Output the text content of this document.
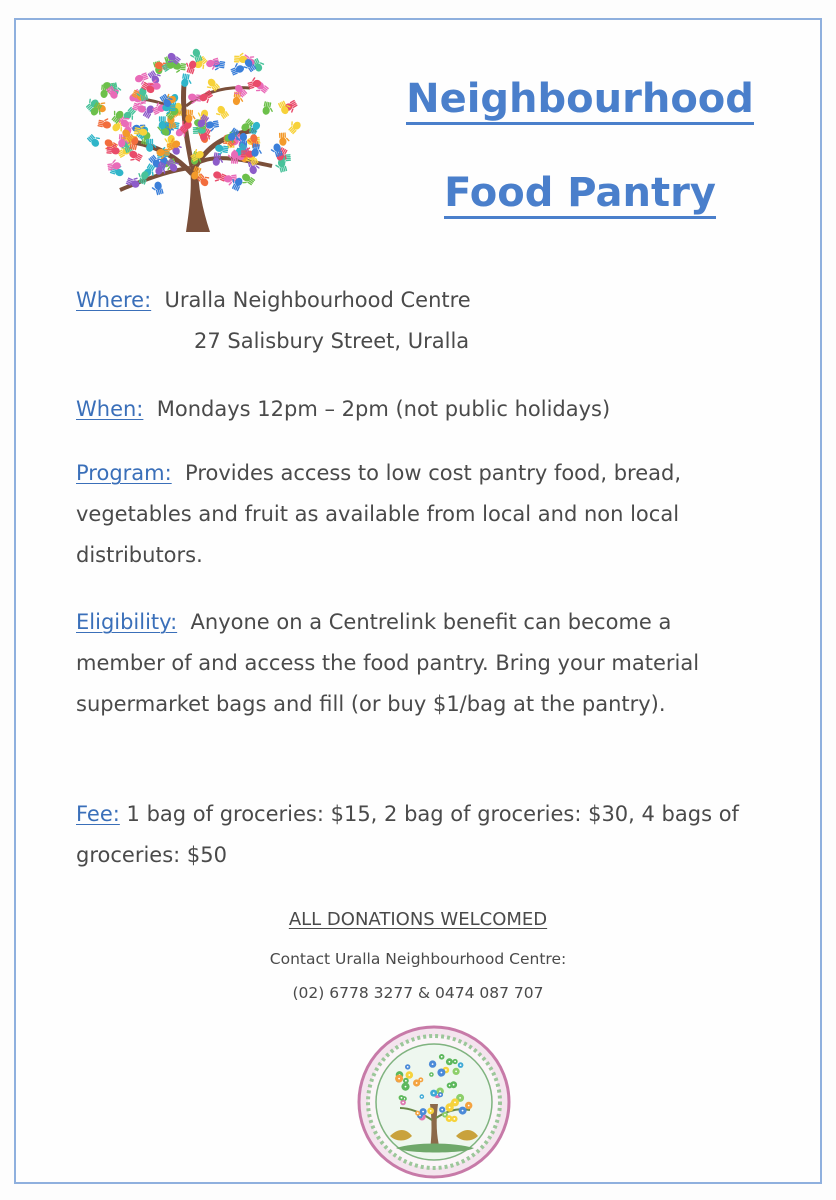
Neighbourhood
Food Pantry
Where: Uralla Neighbourhood Centre
27 Salisbury Street, Uralla
When: Mondays 12pm – 2pm (not public holidays)
Program: Provides access to low cost pantry food, bread, vegetables and fruit as available from local and non local distributors.
Eligibility: Anyone on a Centrelink benefit can become a member of and access the food pantry. Bring your material supermarket bags and fill (or buy $1/bag at the pantry).
Fee: 1 bag of groceries: $15, 2 bag of groceries: $30, 4 bags of groceries: $50
ALL DONATIONS WELCOMED
Contact Uralla Neighbourhood Centre:
(02) 6778 3277 & 0474 087 707
